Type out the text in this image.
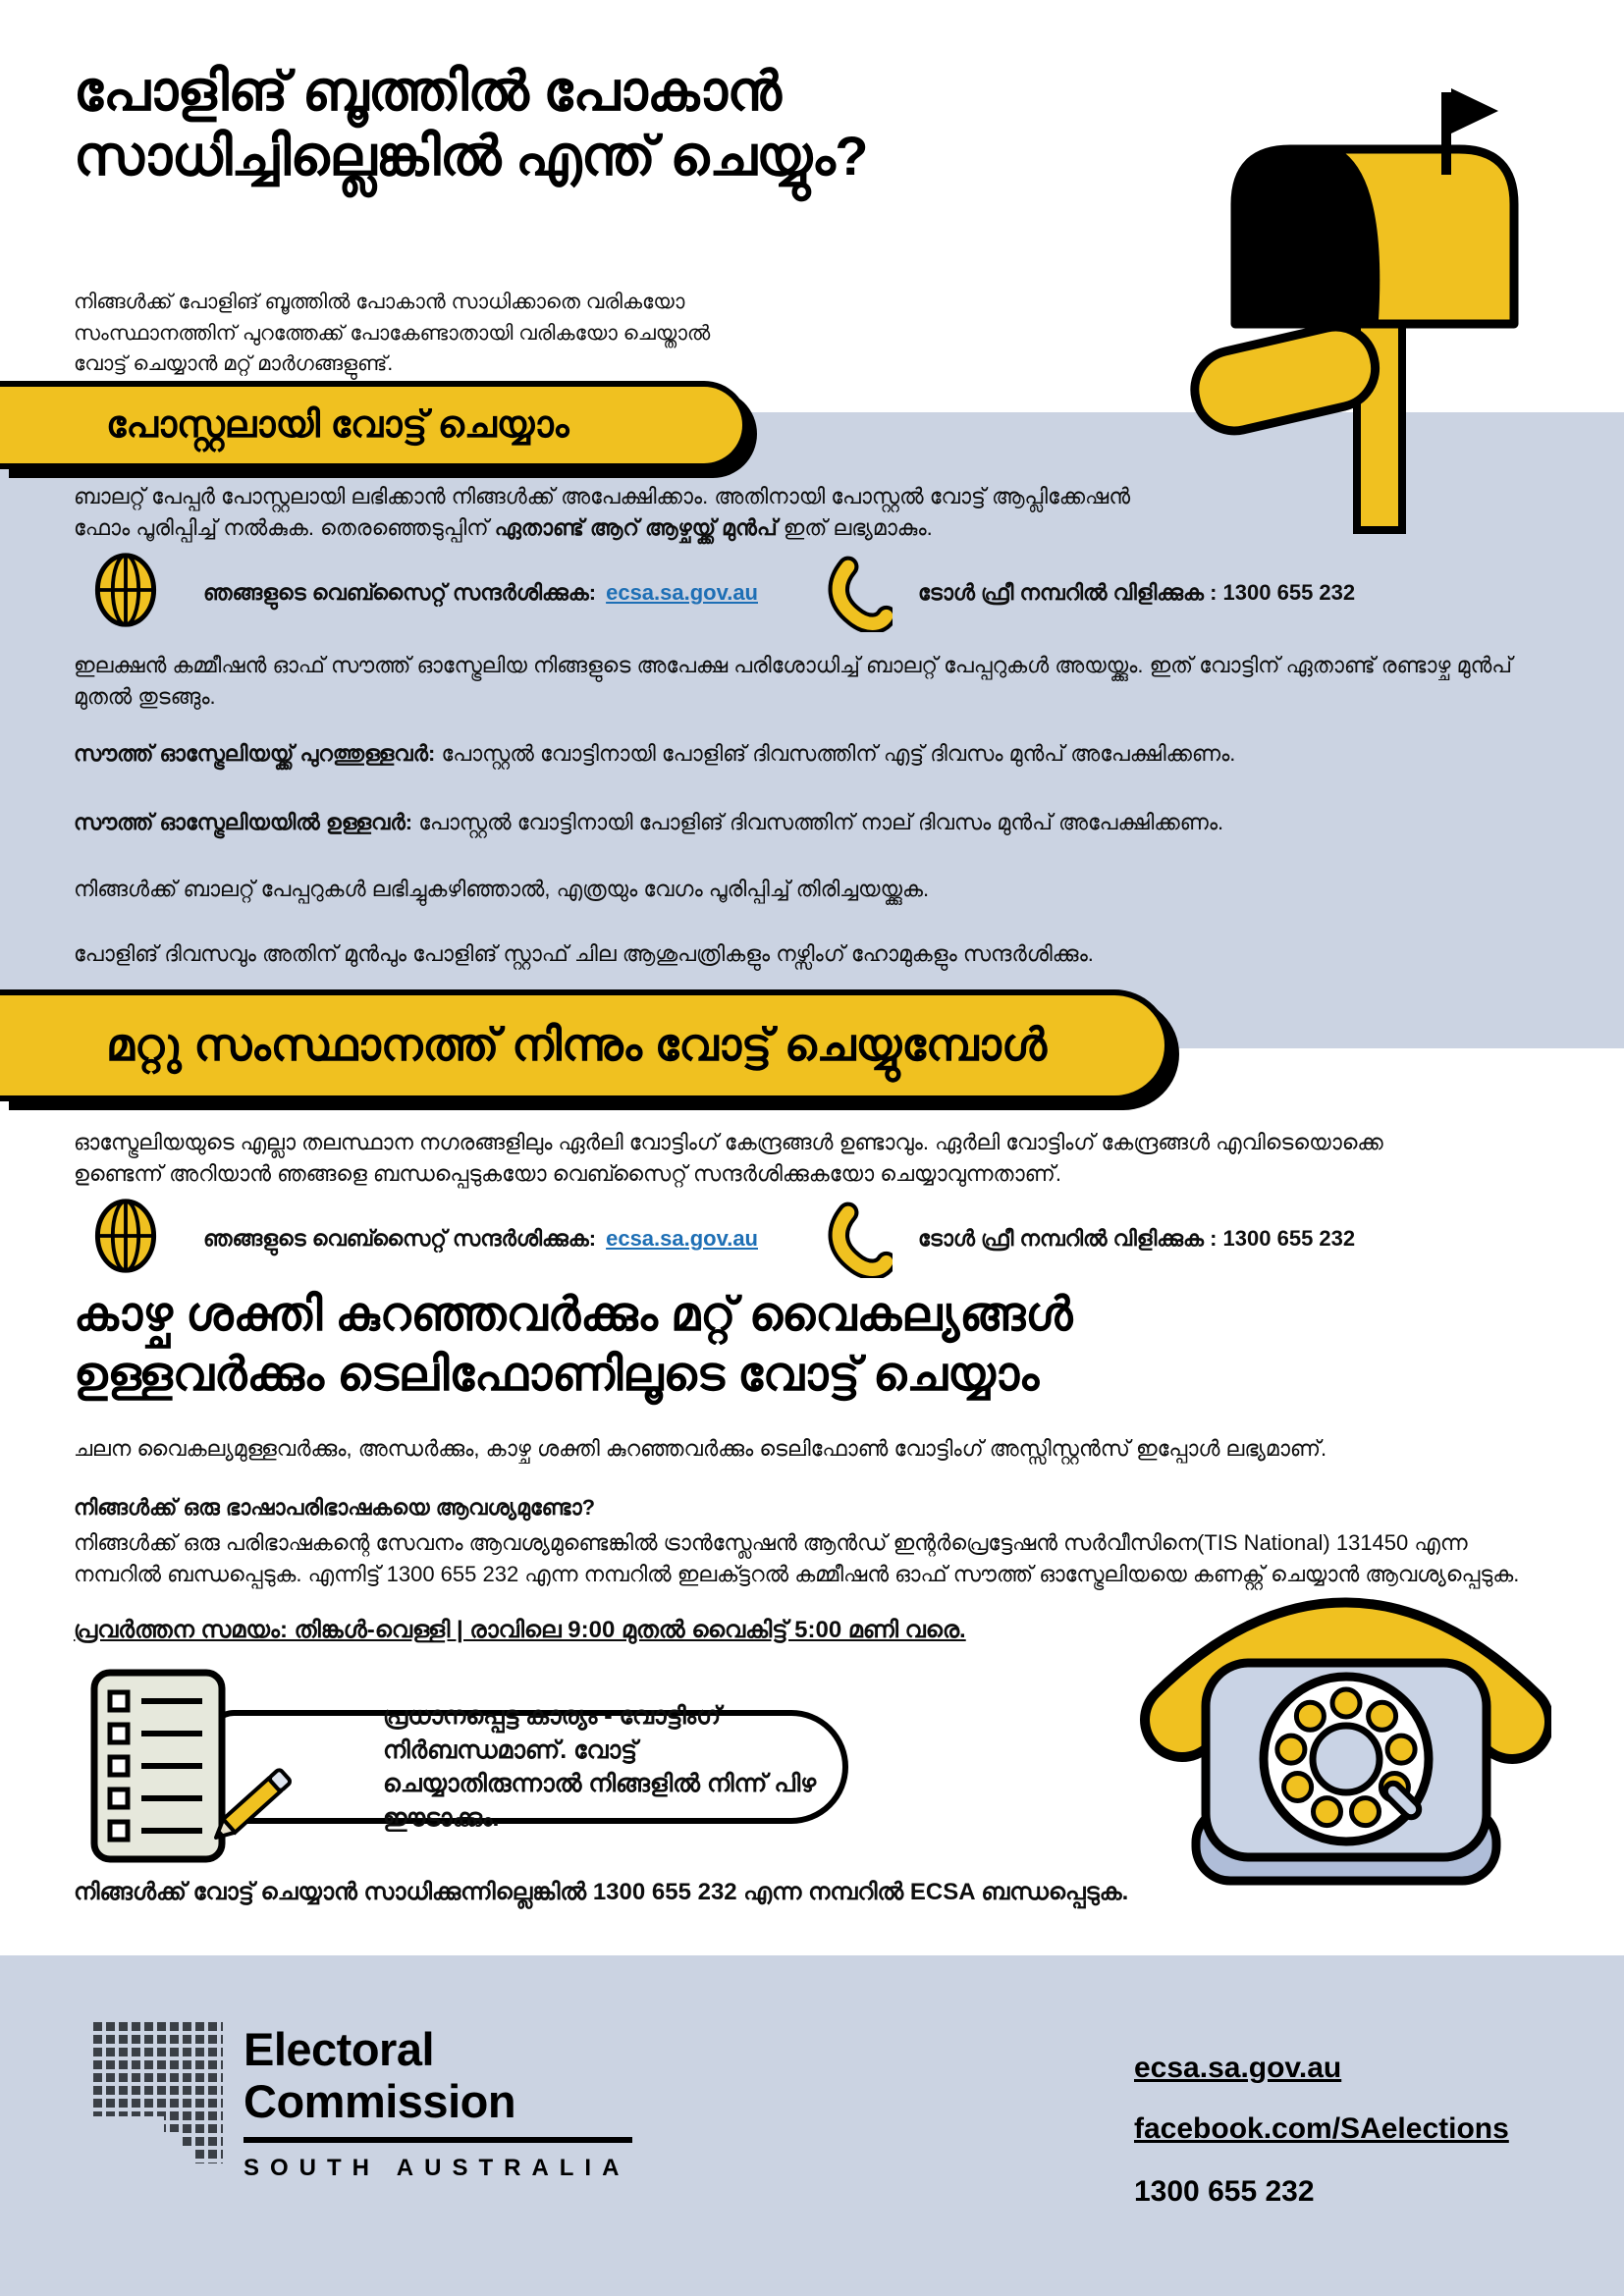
പോളിങ് ബൂത്തിൽ പോകാൻ
സാധിച്ചില്ലെങ്കിൽ എന്ത് ചെയ്യും?

നിങ്ങൾക്ക് പോളിങ് ബൂത്തിൽ പോകാൻ സാധിക്കാതെ വരികയോ സംസ്ഥാനത്തിന് പുറത്തേക്ക് പോകേണ്ടാതായി വരികയോ ചെയ്താൽ വോട്ട് ചെയ്യാൻ മറ്റ് മാർഗങ്ങളുണ്ട്.

പോസ്റ്റലായി വോട്ട് ചെയ്യാം

ബാലറ്റ് പേപ്പർ പോസ്റ്റലായി ലഭിക്കാൻ നിങ്ങൾക്ക് അപേക്ഷിക്കാം. അതിനായി പോസ്റ്റൽ വോട്ട് ആപ്ലിക്കേഷൻ ഫോം പൂരിപ്പിച്ച് നൽകുക. തെരഞ്ഞെടുപ്പിന് ഏതാണ്ട് ആറ് ആഴ്ചയ്ക്ക് മുൻപ് ഇത് ലഭ്യമാകും.

ഞങ്ങളുടെ വെബ്സൈറ്റ് സന്ദർശിക്കുക: ecsa.sa.gov.au	ടോൾ ഫ്രീ നമ്പറിൽ വിളിക്കുക : 1300 655 232

ഇലക്ഷൻ കമ്മീഷൻ ഓഫ് സൗത്ത് ഓസ്ട്രേലിയ നിങ്ങളുടെ അപേക്ഷ പരിശോധിച്ച് ബാലറ്റ് പേപ്പറുകൾ അയയ്ക്കും. ഇത് വോട്ടിന് ഏതാണ്ട് രണ്ടാഴ്ച മുൻപ് മുതൽ തുടങ്ങും.

സൗത്ത് ഓസ്ട്രേലിയയ്ക്ക് പുറത്തുള്ളവർ: പോസ്റ്റൽ വോട്ടിനായി പോളിങ് ദിവസത്തിന് എട്ട് ദിവസം മുൻപ് അപേക്ഷിക്കണം.

സൗത്ത് ഓസ്ട്രേലിയയിൽ ഉള്ളവർ: പോസ്റ്റൽ വോട്ടിനായി പോളിങ് ദിവസത്തിന് നാല് ദിവസം മുൻപ് അപേക്ഷിക്കണം.

നിങ്ങൾക്ക് ബാലറ്റ് പേപ്പറുകൾ ലഭിച്ചുകഴിഞ്ഞാൽ, എത്രയും വേഗം പൂരിപ്പിച്ച് തിരിച്ചയയ്ക്കുക.

പോളിങ് ദിവസവും അതിന് മുൻപും പോളിങ് സ്റ്റാഫ് ചില ആശുപത്രികളും നഴ്സിംഗ് ഹോമുകളും സന്ദർശിക്കും.

മറ്റു സംസ്ഥാനത്ത് നിന്നും വോട്ട് ചെയ്യുമ്പോൾ

ഓസ്ട്രേലിയയുടെ എല്ലാ തലസ്ഥാന നഗരങ്ങളിലും ഏർലി വോട്ടിംഗ് കേന്ദ്രങ്ങൾ ഉണ്ടാവും. ഏർലി വോട്ടിംഗ് കേന്ദ്രങ്ങൾ എവിടെയൊക്കെ ഉണ്ടെന്ന് അറിയാൻ ഞങ്ങളെ ബന്ധപ്പെടുകയോ വെബ്സൈറ്റ് സന്ദർശിക്കുകയോ ചെയ്യാവുന്നതാണ്.

ഞങ്ങളുടെ വെബ്സൈറ്റ് സന്ദർശിക്കുക: ecsa.sa.gov.au	ടോൾ ഫ്രീ നമ്പറിൽ വിളിക്കുക : 1300 655 232
കാഴ്ച ശക്തി കുറഞ്ഞവർക്കും മറ്റ് വൈകല്യങ്ങൾ
ഉള്ളവർക്കും ടെലിഫോണിലൂടെ വോട്ട് ചെയ്യാം

ചലന വൈകല്യമുള്ളവർക്കും, അന്ധർക്കും, കാഴ്ച ശക്തി കുറഞ്ഞവർക്കും ടെലിഫോൺ വോട്ടിംഗ് അസ്സിസ്റ്റൻസ് ഇപ്പോൾ ലഭ്യമാണ്.

നിങ്ങൾക്ക് ഒരു ഭാഷാപരിഭാഷകയെ ആവശ്യമുണ്ടോ?

നിങ്ങൾക്ക് ഒരു പരിഭാഷകന്റെ സേവനം ആവശ്യമുണ്ടെങ്കിൽ ട്രാൻസ്ലേഷൻ ആൻഡ് ഇന്റർപ്രെട്ടേഷൻ സർവീസിനെ(TIS National) 131450 എന്ന നമ്പറിൽ ബന്ധപ്പെടുക. എന്നിട്ട് 1300 655 232 എന്ന നമ്പറിൽ ഇലക്ട്ടറൽ കമ്മീഷൻ ഓഫ് സൗത്ത് ഓസ്ട്രേലിയയെ കണക്റ്റ് ചെയ്യാൻ ആവശ്യപ്പെടുക.

പ്രവർത്തന സമയം: തിങ്കൾ-വെള്ളി | രാവിലെ 9:00 മുതൽ വൈകിട്ട് 5:00 മണി വരെ.

പ്രധാനപ്പെട്ട കാര്യം - വോട്ടിംഗ് നിർബന്ധമാണ്. വോട്ട്
ചെയ്യാതിരുന്നാൽ നിങ്ങളിൽ നിന്ന് പിഴ ഈടാക്കും.

നിങ്ങൾക്ക് വോട്ട് ചെയ്യാൻ സാധിക്കുന്നില്ലെങ്കിൽ 1300 655 232 എന്ന നമ്പറിൽ ECSA ബന്ധപ്പെടുക.

Electoral
Commission
SOUTH AUSTRALIA
ecsa.sa.gov.au
facebook.com/SAelections
1300 655 232
